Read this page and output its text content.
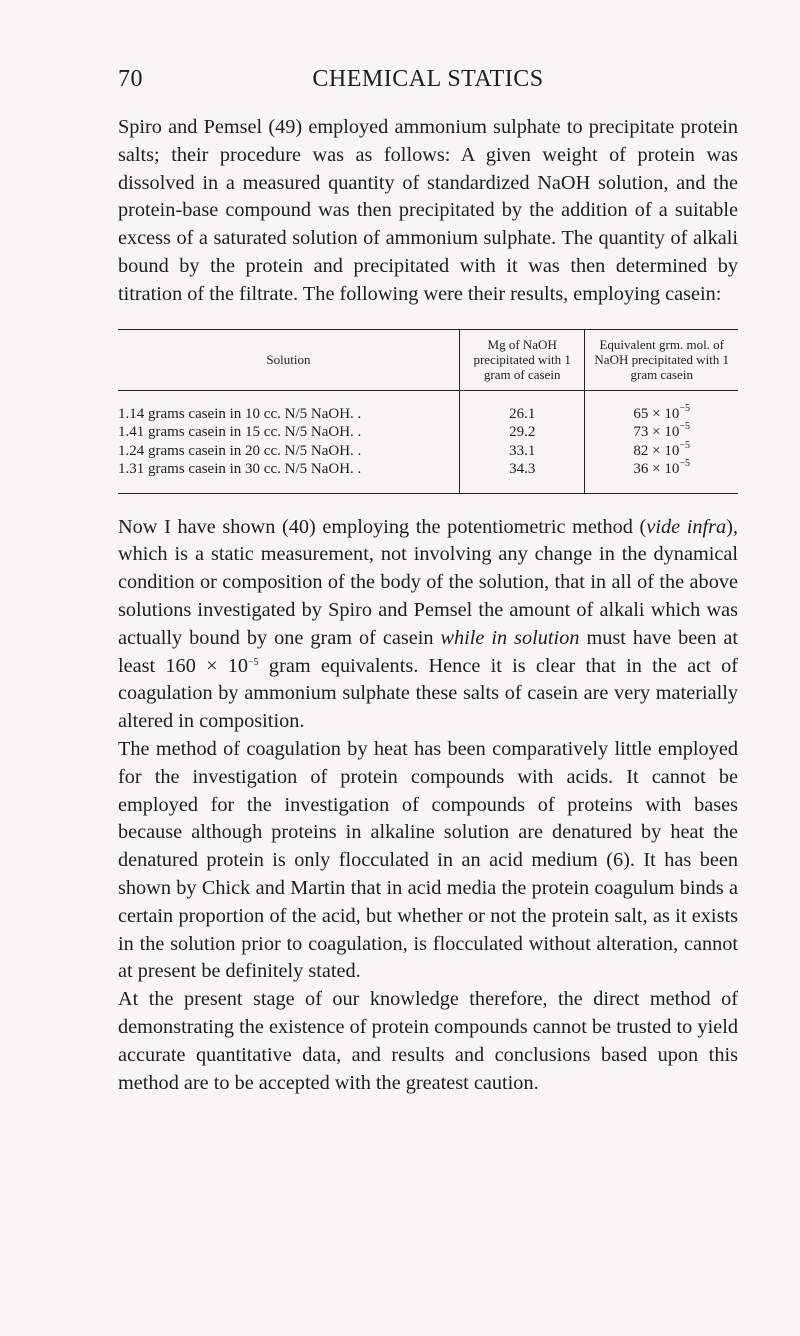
70	CHEMICAL STATICS

Spiro and Pemsel (49) employed ammonium sulphate to precipitate protein salts; their procedure was as follows: A given weight of protein was dissolved in a measured quantity of standardized NaOH solution, and the protein-base compound was then precipitated by the addition of a suitable excess of a saturated solution of ammonium sulphate. The quantity of alkali bound by the protein and precipitated with it was then determined by titration of the filtrate. The following were their results, employing casein:

Solution
Mg of NaOH precipitated with 1 gram of casein
Equivalent grm. mol. of NaOH precipitated with 1 gram casein
1.14 grams casein in 10 cc. N/5 NaOH. .
1.41 grams casein in 15 cc. N/5 NaOH. .
1.24 grams casein in 20 cc. N/5 NaOH. .
1.31 grams casein in 30 cc. N/5 NaOH. .
26.1
29.2
33.1
34.3
$65 \times 10^{-5}$
$73 \times 10^{-5}$
$82 \times 10^{-5}$
$36 \times 10^{-5}$

Now I have shown (40) employing the potentiometric method (vide infra), which is a static measurement, not involving any change in the dynamical condition or composition of the body of the solution, that in all of the above solutions investigated by Spiro and Pemsel the amount of alkali which was actually bound by one gram of casein while in solution must have been at least $160 \times 10^{-5}$ gram equivalents. Hence it is clear that in the act of coagulation by ammonium sulphate these salts of casein are very materially altered in composition.

The method of coagulation by heat has been comparatively little employed for the investigation of protein compounds with acids. It cannot be employed for the investigation of compounds of proteins with bases because although proteins in alkaline solution are denatured by heat the denatured protein is only flocculated in an acid medium (6). It has been shown by Chick and Martin that in acid media the protein coagulum binds a certain proportion of the acid, but whether or not the protein salt, as it exists in the solution prior to coagulation, is flocculated without alteration, cannot at present be definitely stated.

At the present stage of our knowledge therefore, the direct method of demonstrating the existence of protein compounds cannot be trusted to yield accurate quantitative data, and results and conclusions based upon this method are to be accepted with the greatest caution.
